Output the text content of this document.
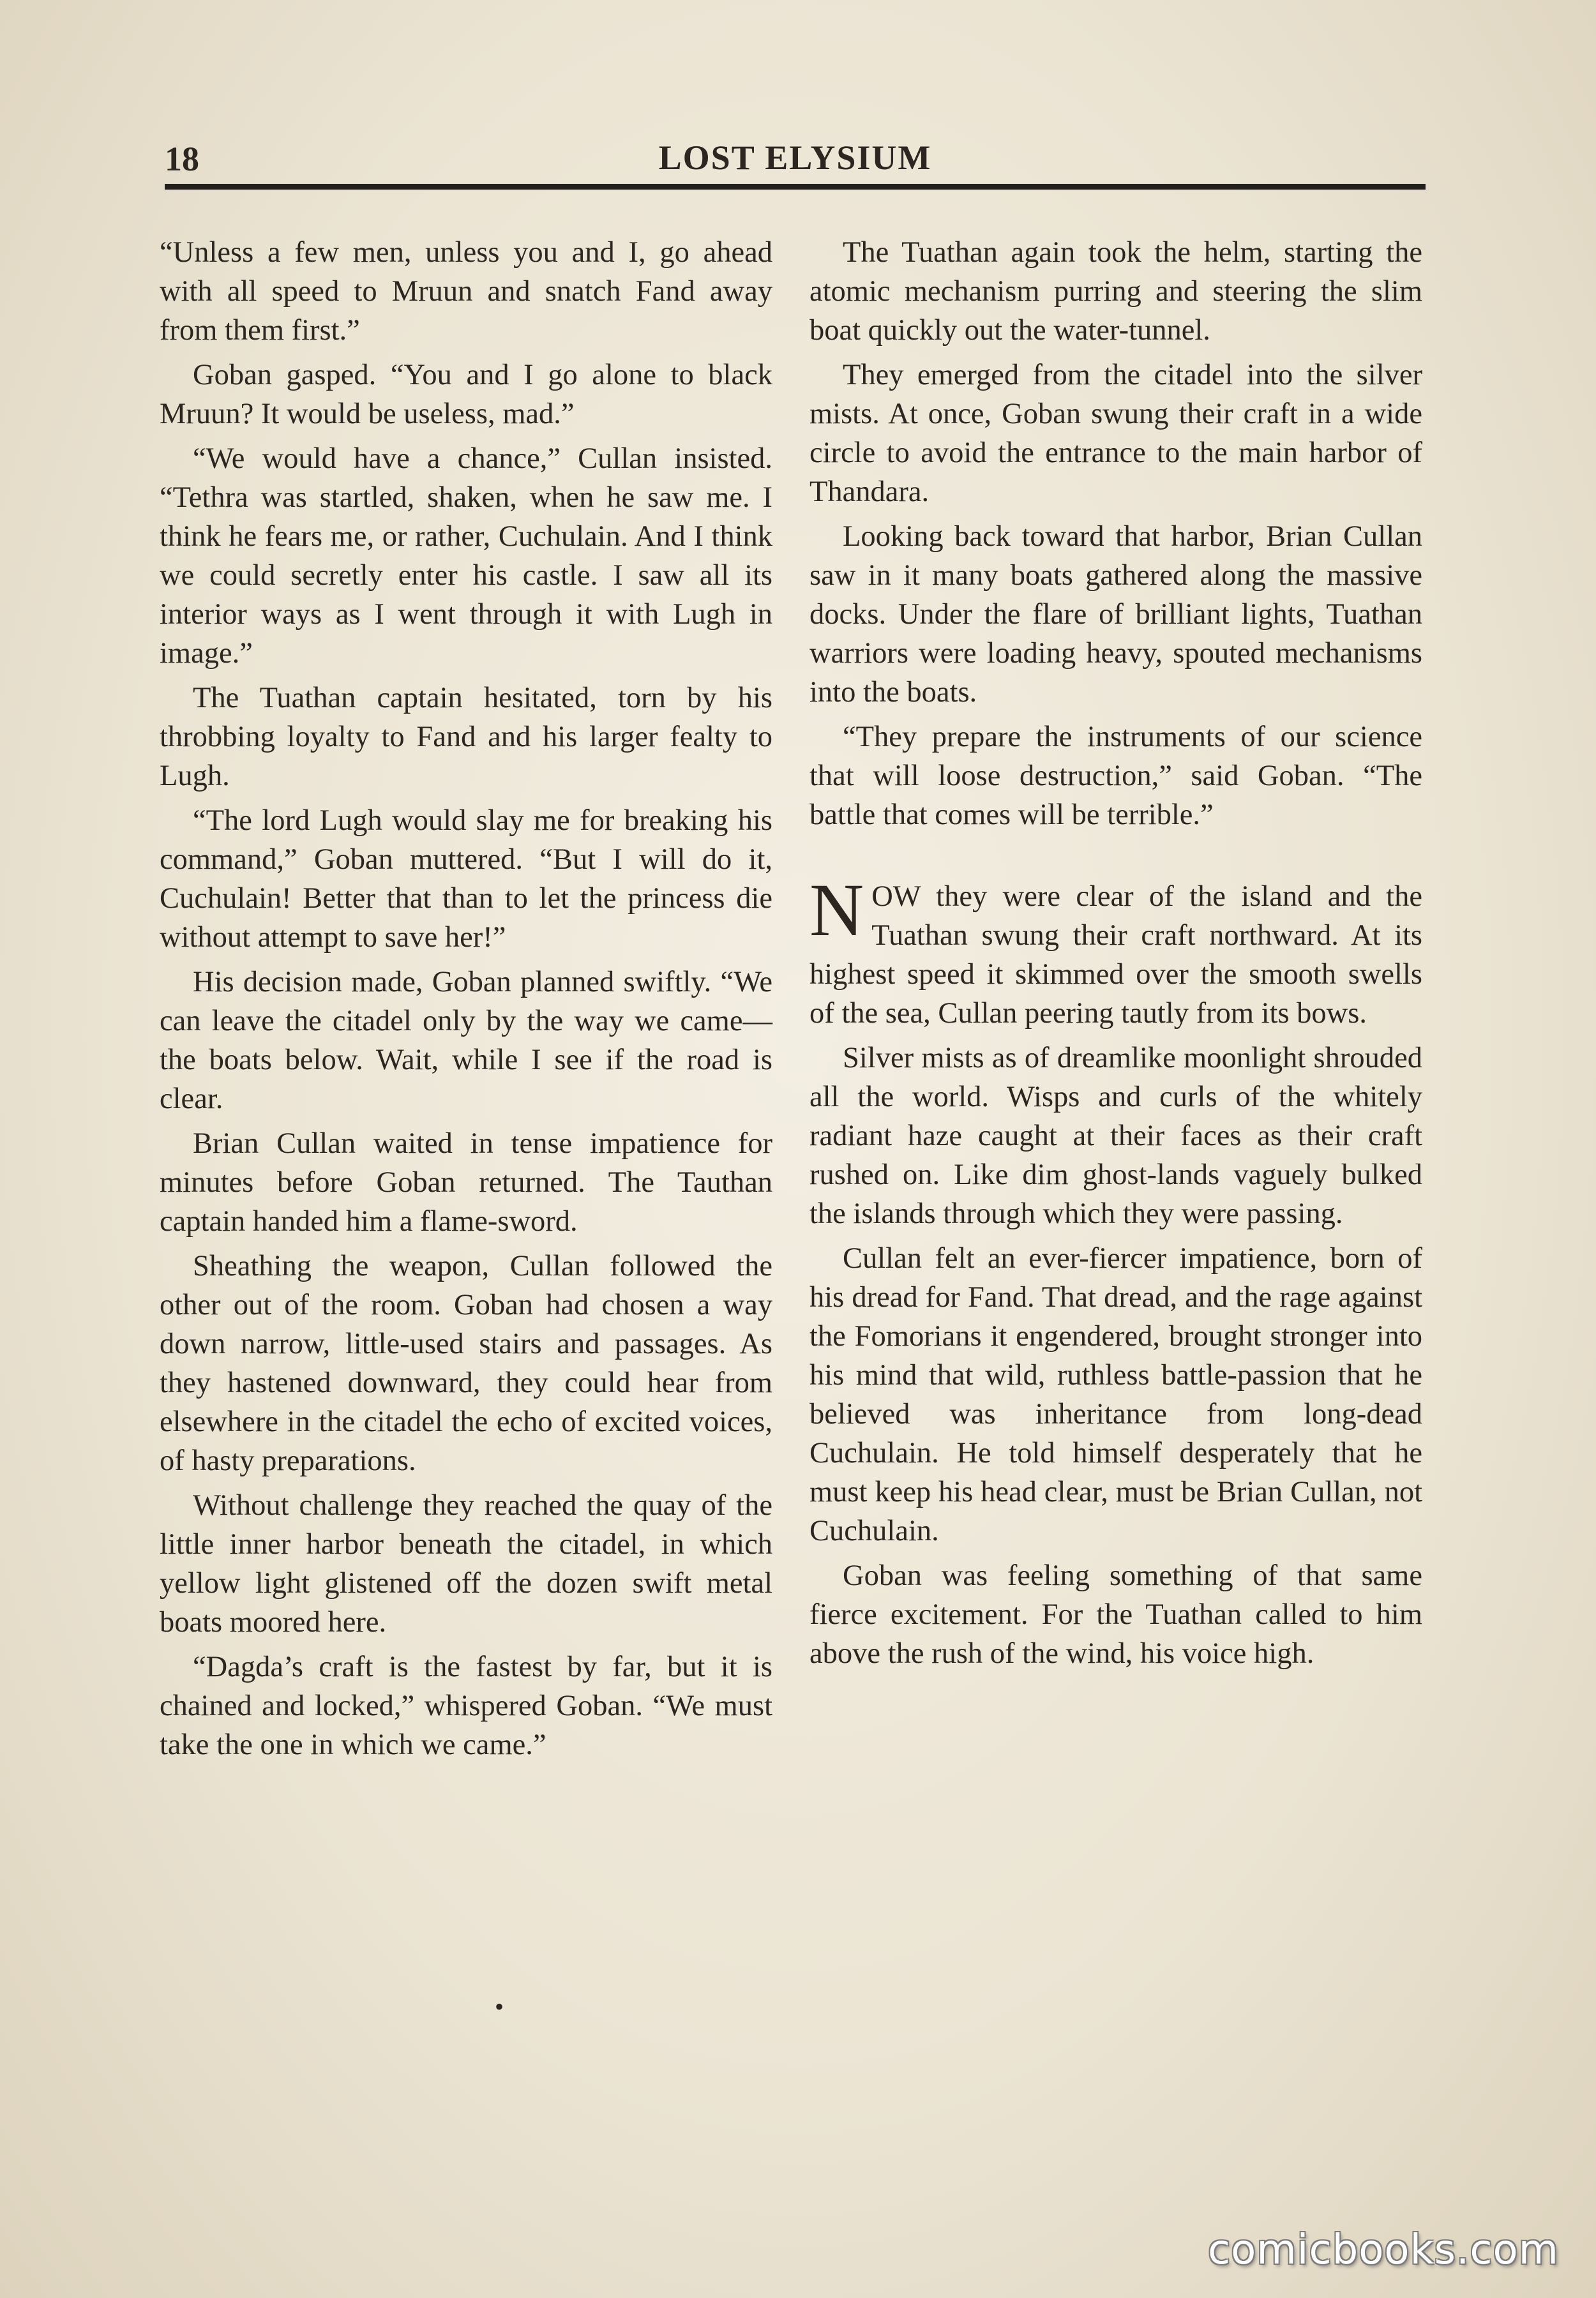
18	LOST ELYSIUM

“Unless a few men, unless you and I, go ahead with all speed to Mruun and snatch Fand away from them first.”

Goban gasped. “You and I go alone to black Mruun? It would be useless, mad.”

“We would have a chance,” Cullan insisted. “Tethra was startled, shaken, when he saw me. I think he fears me, or rather, Cuchulain. And I think we could secretly enter his castle. I saw all its interior ways as I went through it with Lugh in image.”

The Tuathan captain hesitated, torn by his throbbing loyalty to Fand and his larger fealty to Lugh.

“The lord Lugh would slay me for breaking his command,” Goban muttered. “But I will do it, Cuchulain! Better that than to let the princess die without attempt to save her!”

His decision made, Goban planned swiftly. “We can leave the citadel only by the way we came—the boats below. Wait, while I see if the road is clear.

Brian Cullan waited in tense impatience for minutes before Goban returned. The Tauthan captain handed him a flame-sword.

Sheathing the weapon, Cullan followed the other out of the room. Goban had chosen a way down narrow, little-used stairs and passages. As they hastened downward, they could hear from elsewhere in the citadel the echo of excited voices, of hasty preparations.

Without challenge they reached the quay of the little inner harbor beneath the citadel, in which yellow light glistened off the dozen swift metal boats moored here.

“Dagda’s craft is the fastest by far, but it is chained and locked,” whispered Goban. “We must take the one in which we came.”

The Tuathan again took the helm, starting the atomic mechanism purring and steering the slim boat quickly out the water-tunnel.

They emerged from the citadel into the silver mists. At once, Goban swung their craft in a wide circle to avoid the entrance to the main harbor of Thandara.

Looking back toward that harbor, Brian Cullan saw in it many boats gathered along the massive docks. Under the flare of brilliant lights, Tuathan warriors were loading heavy, spouted mechanisms into the boats.

“They prepare the instruments of our science that will loose destruction,” said Goban. “The battle that comes will be terrible.”

NOW they were clear of the island and the Tuathan swung their craft northward. At its highest speed it skimmed over the smooth swells of the sea, Cullan peering tautly from its bows.

Silver mists as of dreamlike moonlight shrouded all the world. Wisps and curls of the whitely radiant haze caught at their faces as their craft rushed on. Like dim ghost-lands vaguely bulked the islands through which they were passing.

Cullan felt an ever-fiercer impatience, born of his dread for Fand. That dread, and the rage against the Fomorians it engendered, brought stronger into his mind that wild, ruthless battle-passion that he believed was inheritance from long-dead Cuchulain. He told himself desperately that he must keep his head clear, must be Brian Cullan, not Cuchulain.

Goban was feeling something of that same fierce excitement. For the Tuathan called to him above the rush of the wind, his voice high.

•
comicbooks.com
